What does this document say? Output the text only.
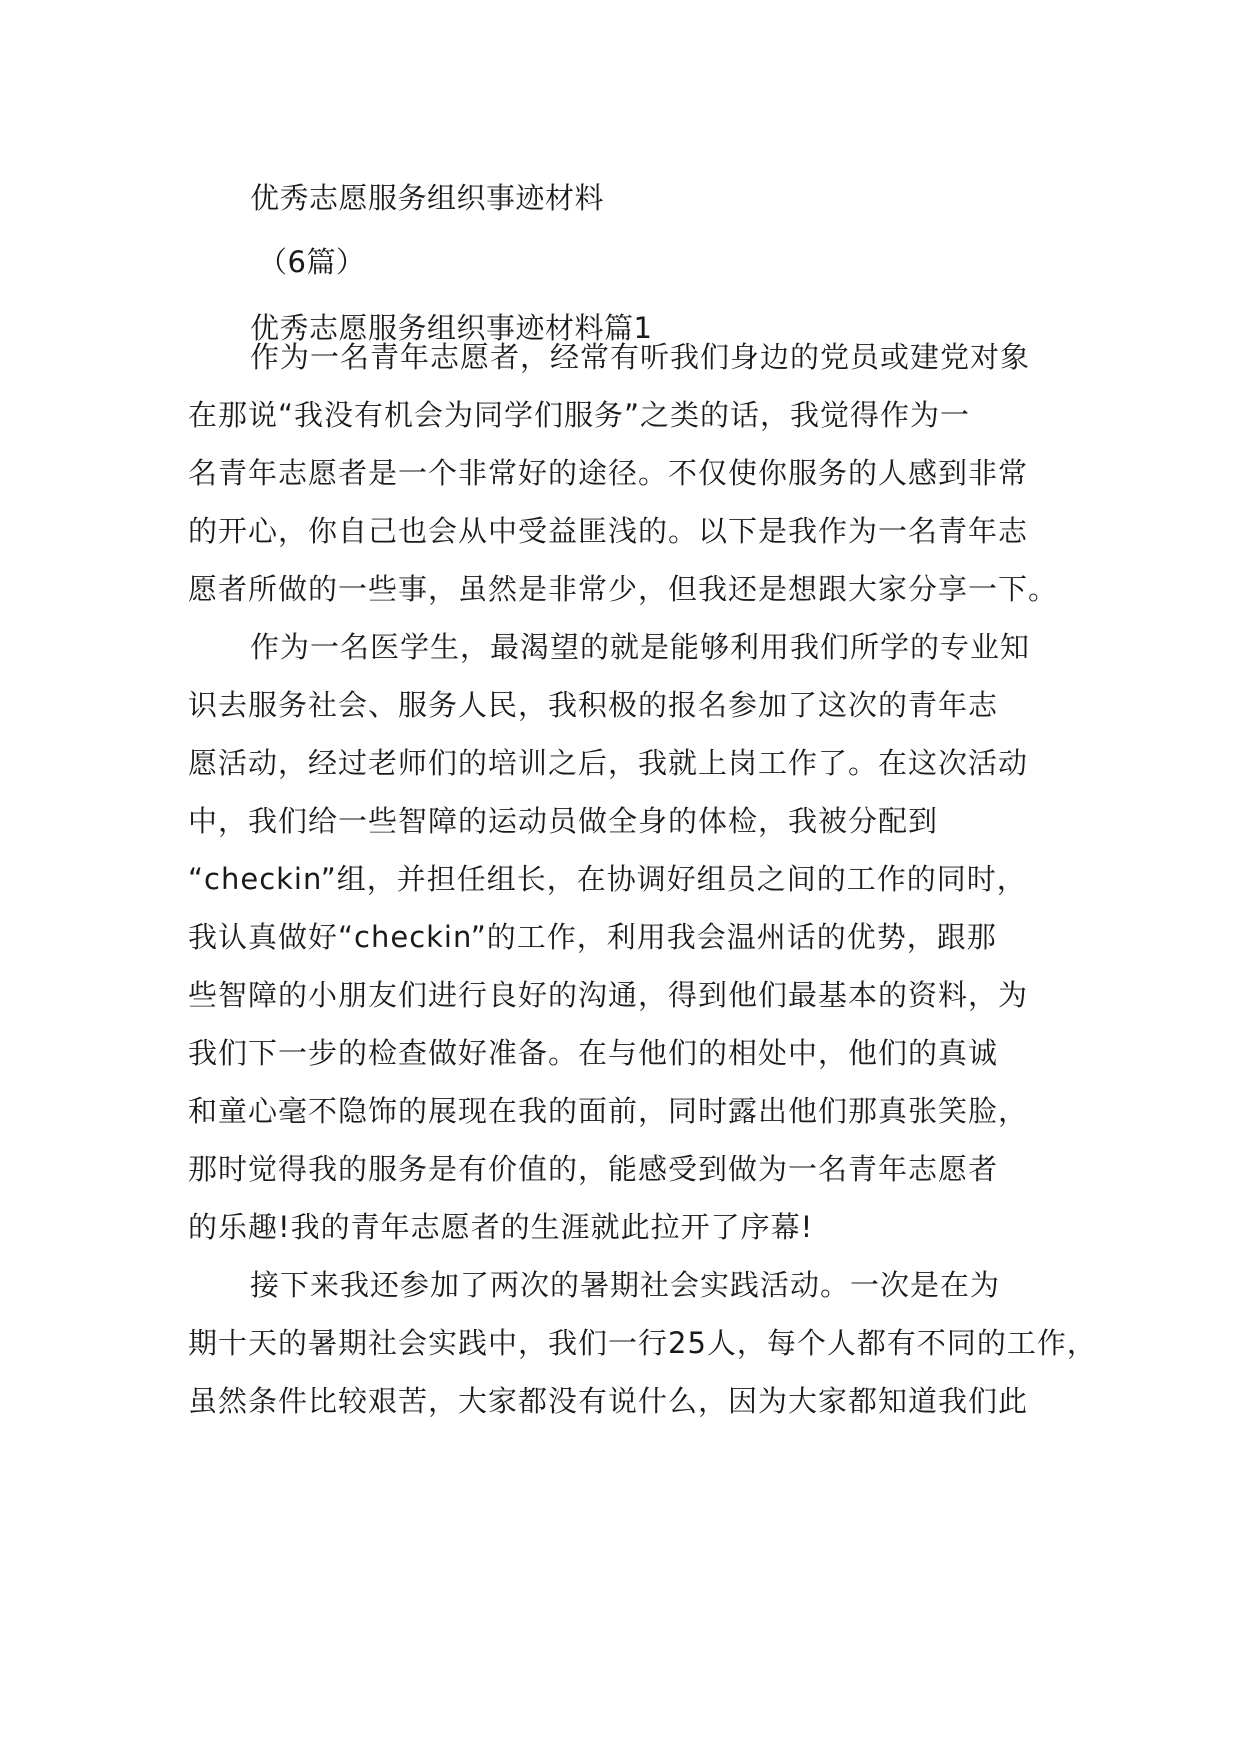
优秀志愿服务组织事迹材料
（6篇）
优秀志愿服务组织事迹材料篇1
作为⼀名青年志愿者，经常有听我们⾝边的党员或建党对象
在那说“我没有机会为同学们服务”之类的话，我觉得作为⼀
名青年志愿者是⼀个⾮常好的途径。不仅使你服务的⼈感到⾮常
的开⼼，你⾃⼰也会从中受益匪浅的。以下是我作为⼀名青年志
愿者所做的⼀些事，虽然是⾮常少，但我还是想跟⼤家分享⼀下。
作为⼀名医学⽣，最渴望的就是能够利⽤我们所学的专业知
识去服务社会、服务⼈民，我积极的报名参加了这次的青年志
愿活动，经过⽼师们的培训之后，我就上岗⼯作了。在这次活动
中，我们给⼀些智障的运动员做全⾝的体检，我被分配到
“checkin”组，并担任组长，在协调好组员之间的⼯作的同时，
我认真做好“checkin”的⼯作，利⽤我会温州话的优势，跟那
些智障的⼩朋友们进⾏良好的沟通，得到他们最基本的资料，为
我们下⼀步的检查做好准备。在与他们的相处中，他们的真诚
和童⼼毫不隐饰的展现在我的⾯前，同时露出他们那真张笑脸，
那时觉得我的服务是有价值的，能感受到做为⼀名青年志愿者
的乐趣!我的青年志愿者的⽣涯就此拉开了序幕!
接下来我还参加了两次的暑期社会实践活动。⼀次是在为
期⼗天的暑期社会实践中，我们⼀⾏25⼈，每个⼈都有不同的⼯作，
虽然条件⽐较艰苦，⼤家都没有说什么，因为⼤家都知道我们此
